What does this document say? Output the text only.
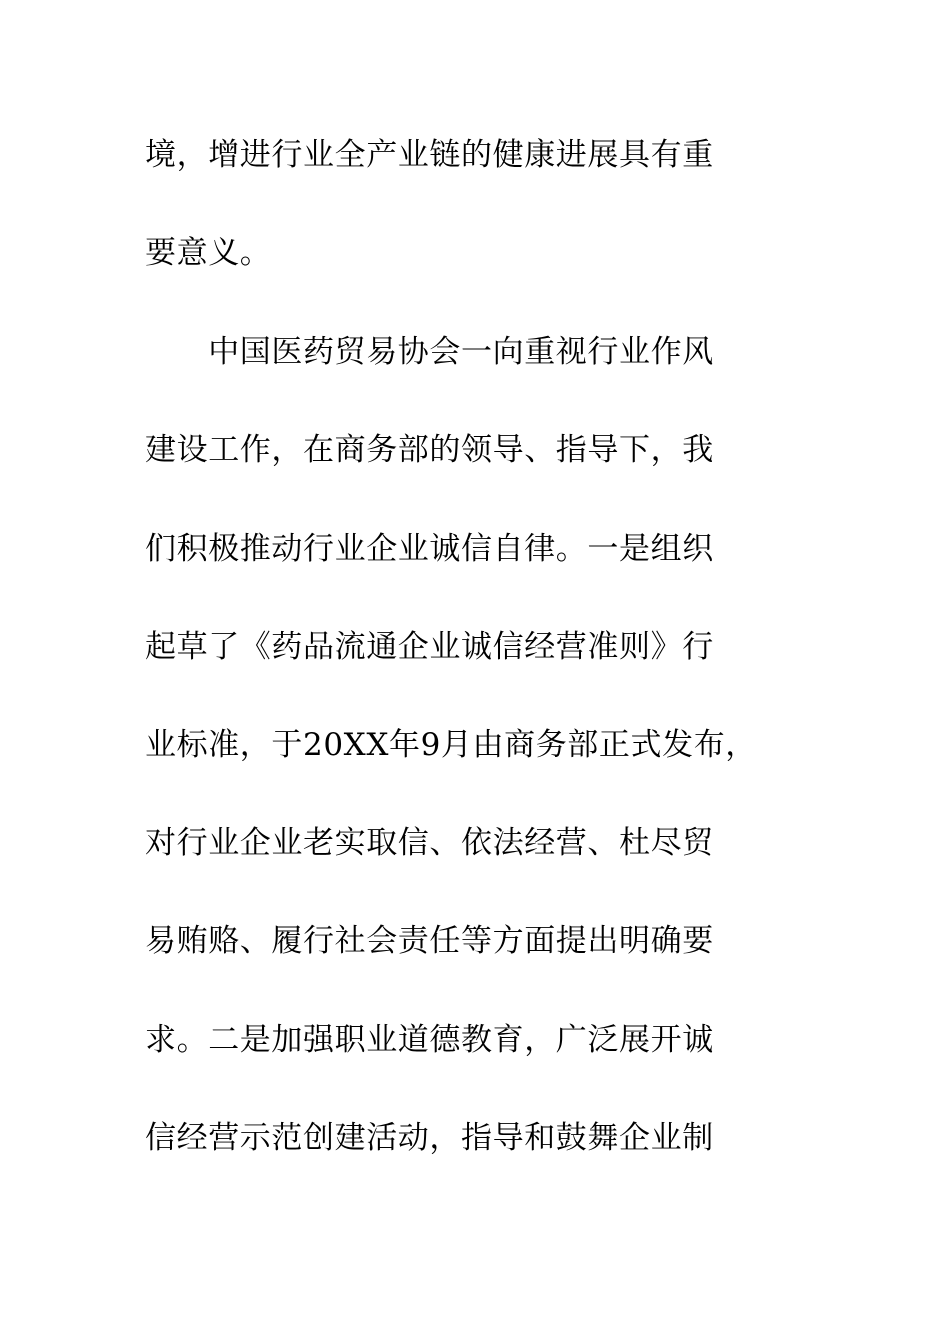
境，增进行业全产业链的健康进展具有重
要意义。
　　中国医药贸易协会一向重视行业作风
建设工作，在商务部的领导、指导下，我
们积极推动行业企业诚信自律。一是组织
起草了《药品流通企业诚信经营准则》行
业标准，于20XX年9月由商务部正式发布，
对行业企业老实取信、依法经营、杜尽贸
易贿赂、履行社会责任等方面提出明确要
求。二是加强职业道德教育，广泛展开诚
信经营示范创建活动，指导和鼓舞企业制
